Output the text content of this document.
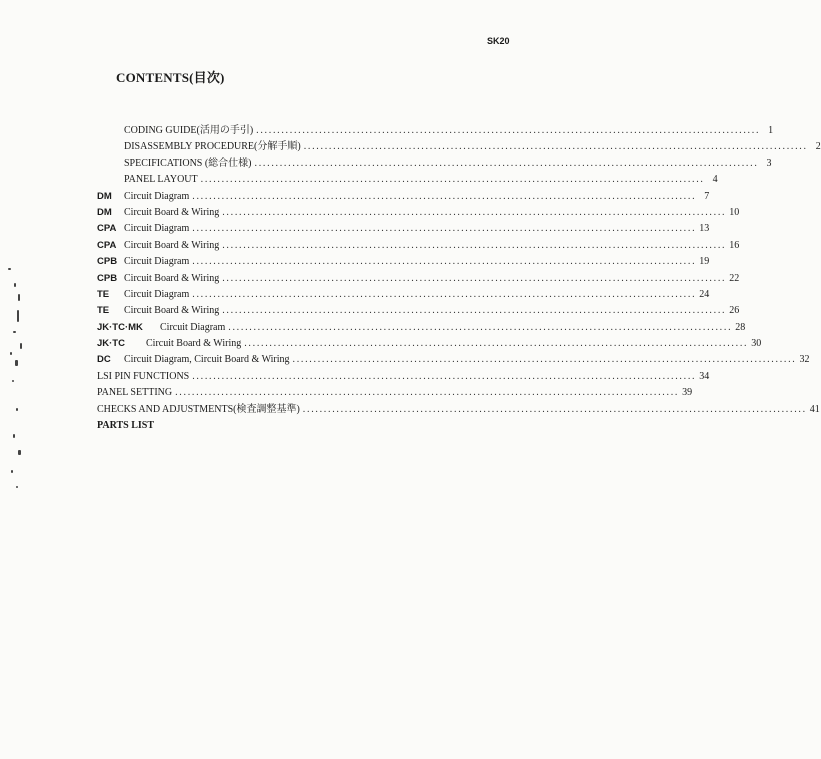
SK20
CONTENTS(目次)
CODING GUIDE(活用の手引) ........................................................................................................................ 1
DISASSEMBLY PROCEDURE(分解手順) ........................................................................................................................ 2
SPECIFICATIONS (総合仕様) ........................................................................................................................ 3
PANEL LAYOUT ........................................................................................................................ 4
DM Circuit Diagram ........................................................................................................................ 7
DM Circuit Board & Wiring ........................................................................................................................ 10
CPA Circuit Diagram ........................................................................................................................ 13
CPA Circuit Board & Wiring ........................................................................................................................ 16
CPB Circuit Diagram ........................................................................................................................ 19
CPB Circuit Board & Wiring ........................................................................................................................ 22
TE Circuit Diagram ........................................................................................................................ 24
TE Circuit Board & Wiring ........................................................................................................................ 26
JK·TC·MK Circuit Diagram ........................................................................................................................ 28
JK·TC Circuit Board & Wiring ........................................................................................................................ 30
DC Circuit Diagram, Circuit Board & Wiring ........................................................................................................................ 32
LSI PIN FUNCTIONS ........................................................................................................................ 34
PANEL SETTING ........................................................................................................................ 39
CHECKS AND ADJUSTMENTS(検査調整基準) ........................................................................................................................ 41
PARTS LIST
